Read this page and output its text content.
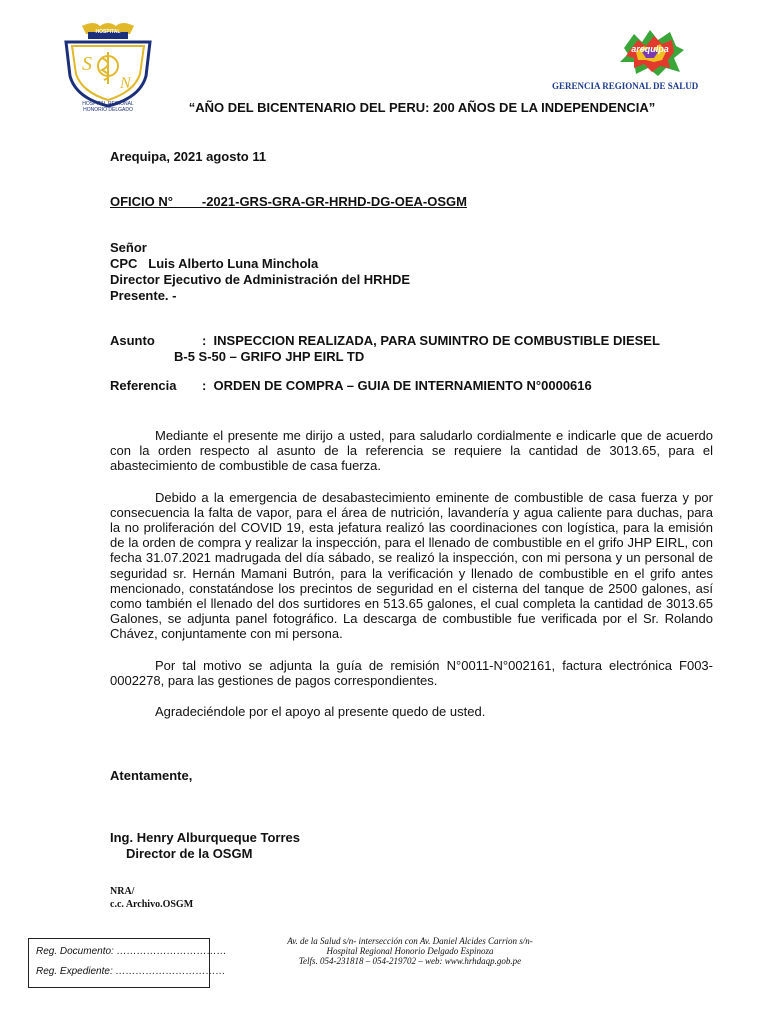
S
N
HOSPITAL
HOSPITAL REGIONAL HONORIO DELGADO
arequipa
GERENCIA REGIONAL DE SALUD
“AÑO DEL BICENTENARIO DEL PERU: 200 AÑOS DE LA INDEPENDENCIA”
Arequipa, 2021 agosto 11
OFICIO N°        -2021-GRS-GRA-GR-HRHD-DG-OEA-OSGM
Señor
CPC   Luis Alberto Luna Minchola
Director Ejecutivo de Administración del HRHDE
Presente. -
Asunto	:  INSPECCION REALIZADA, PARA SUMINTRO DE COMBUSTIBLE DIESEL
B-5 S-50 – GRIFO JHP EIRL TD
Referencia :  ORDEN DE COMPRA – GUIA DE INTERNAMIENTO N°0000616

Mediante el presente me dirijo a usted, para saludarlo cordialmente e indicarle que de acuerdo con la orden respecto al asunto de la referencia se requiere la cantidad de 3013.65, para el abastecimiento de combustible de casa fuerza.

Debido a la emergencia de desabastecimiento eminente de combustible de casa fuerza y por consecuencia la falta de vapor, para el área de nutrición, lavandería y agua caliente para duchas, para la no proliferación del COVID 19, esta jefatura realizó las coordinaciones con logística, para la emisión de la orden de compra y realizar la inspección, para el llenado de combustible en el grifo JHP EIRL, con fecha 31.07.2021 madrugada del día sábado, se realizó la inspección, con mi persona y un personal de seguridad sr. Hernán Mamani Butrón, para la verificación y llenado de combustible en el grifo antes mencionado, constatándose los precintos de seguridad en el cisterna del tanque de 2500 galones, así como también el llenado del dos surtidores en 513.65 galones, el cual completa la cantidad de 3013.65 Galones, se adjunta panel fotográfico. La descarga de combustible fue verificada por el Sr. Rolando Chávez, conjuntamente con mi persona.

Por tal motivo se adjunta la guía de remisión N°0011-N°002161, factura electrónica F003-0002278, para las gestiones de pagos correspondientes.

Agradeciéndole por el apoyo al presente quedo de usted.

Atentamente,
Ing. Henry Alburqueque Torres
Director de la OSGM
NRA/
c.c. Archivo.OSGM
Reg. Documento: ……………………………
Reg. Expediente: ……………………………
Av. de la Salud s/n- intersección con Av. Daniel Alcides Carrion s/n-
Hospital Regional Honorio Delgado Espinoza
Telfs. 054-231818 – 054-219702 – web: www.hrhdaqp.gob.pe
